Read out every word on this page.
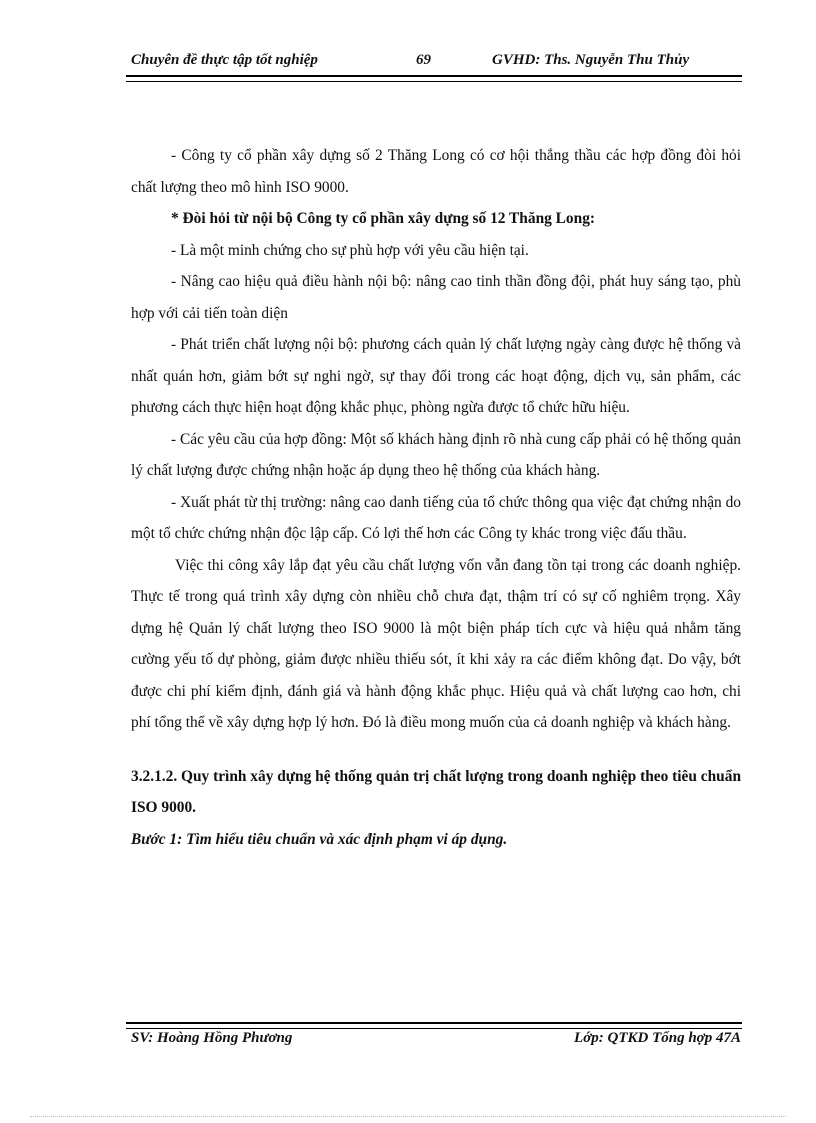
Chuyên đề thực tập tốt nghiệp	69	GVHD: Ths. Nguyễn Thu Thủy

- Công ty cổ phần xây dựng số 2 Thăng Long có cơ hội thắng thầu các hợp đồng đòi hỏi chất lượng theo mô hình ISO 9000.

* Đòi hỏi từ nội bộ Công ty cổ phần xây dựng số 12 Thăng Long:

- Là một minh chứng cho sự phù hợp với yêu cầu hiện tại.

- Nâng cao hiệu quả điều hành nội bộ: nâng cao tinh thần đồng đội, phát huy sáng tạo, phù hợp với cải tiến toàn diện

- Phát triển chất lượng nội bộ: phương cách quản lý chất lượng ngày càng được hệ thống và nhất quán hơn, giảm bớt sự nghi ngờ, sự thay đổi trong các hoạt động, dịch vụ, sản phẩm, các phương cách thực hiện hoạt động khắc phục, phòng ngừa được tổ chức hữu hiệu.

- Các yêu cầu của hợp đồng: Một số khách hàng định rõ nhà cung cấp phải có hệ thống quản lý chất lượng được chứng nhận hoặc áp dụng theo hệ thống của khách hàng.

- Xuất phát từ thị trường: nâng cao danh tiếng của tổ chức thông qua việc đạt chứng nhận do một tổ chức chứng nhận độc lập cấp. Có lợi thế hơn các Công ty khác trong việc đấu thầu.

Việc thi công xây lắp đạt yêu cầu chất lượng vốn vẫn đang tồn tại trong các doanh nghiệp. Thực tế trong quá trình xây dựng còn nhiều chỗ chưa đạt, thậm trí có sự cố nghiêm trọng. Xây dựng hệ Quản lý chất lượng theo ISO 9000 là một biện pháp tích cực và hiệu quả nhằm tăng cường yếu tố dự phòng, giảm được nhiều thiếu sót, ít khi xảy ra các điểm không đạt. Do vậy, bớt được chi phí kiểm định, đánh giá và hành động khắc phục. Hiệu quả và chất lượng cao hơn, chi phí tổng thể về xây dựng hợp lý hơn. Đó là điều mong muốn của cả doanh nghiệp và khách hàng.

3.2.1.2. Quy trình xây dựng hệ thống quản trị chất lượng trong doanh nghiệp theo tiêu chuẩn ISO 9000.

Bước 1: Tìm hiểu tiêu chuẩn và xác định phạm vi áp dụng.

SV: Hoàng Hồng Phương	Lớp: QTKD Tổng hợp 47A
